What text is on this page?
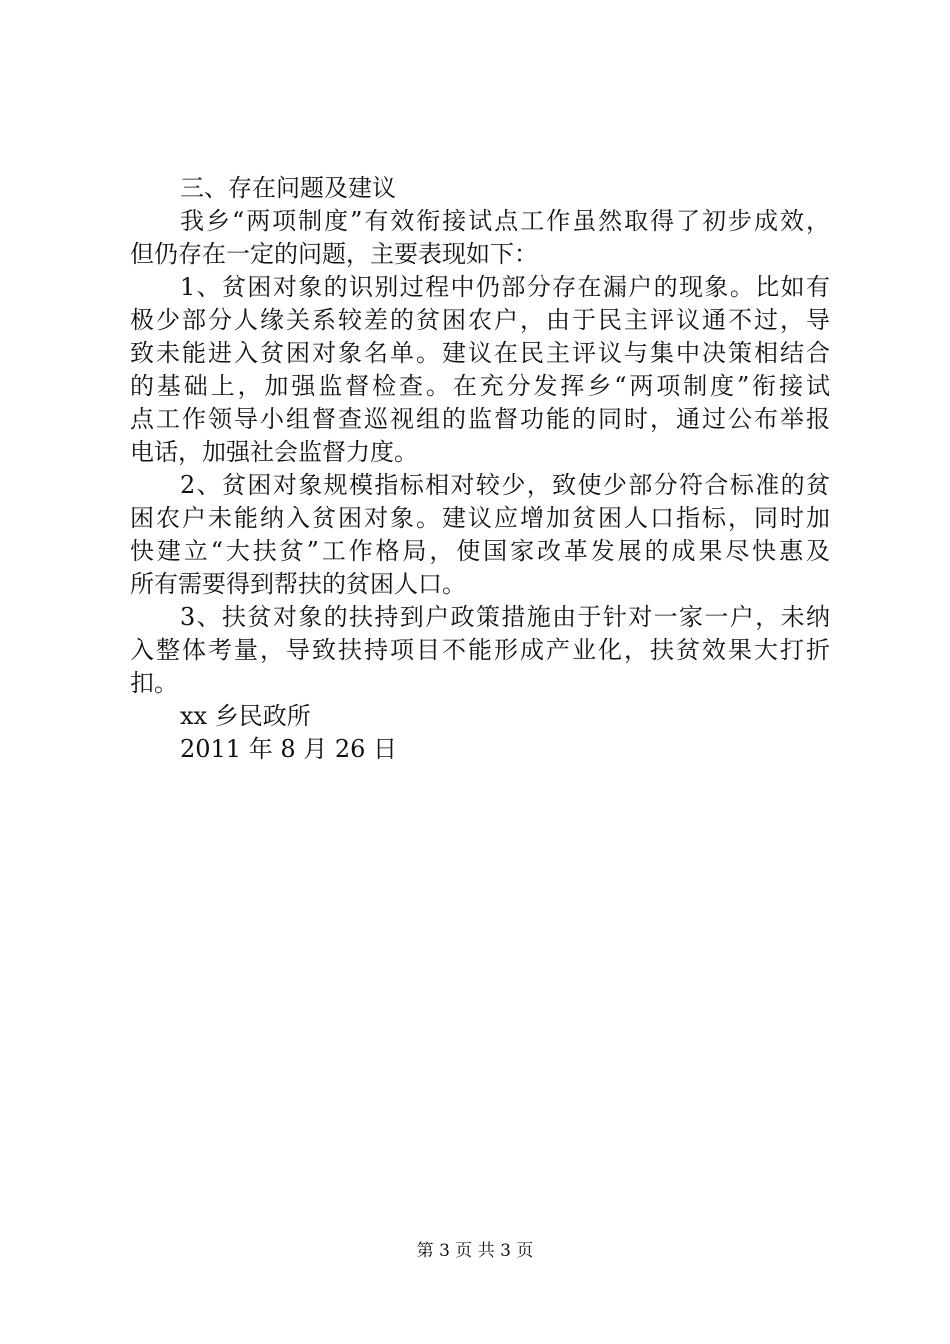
三、存在问题及建议
我乡“两项制度”有效衔接试点工作虽然取得了初步成效，
但仍存在一定的问题，主要表现如下：
1、贫困对象的识别过程中仍部分存在漏户的现象。比如有
极少部分人缘关系较差的贫困农户，由于民主评议通不过，导
致未能进入贫困对象名单。建议在民主评议与集中决策相结合
的基础上，加强监督检查。在充分发挥乡“两项制度”衔接试
点工作领导小组督查巡视组的监督功能的同时，通过公布举报
电话，加强社会监督力度。
2、贫困对象规模指标相对较少，致使少部分符合标准的贫
困农户未能纳入贫困对象。建议应增加贫困人口指标，同时加
快建立“大扶贫”工作格局，使国家改革发展的成果尽快惠及
所有需要得到帮扶的贫困人口。
3、扶贫对象的扶持到户政策措施由于针对一家一户，未纳
入整体考量，导致扶持项目不能形成产业化，扶贫效果大打折
扣。
xx 乡民政所
2011 年 8 月 26 日
第 3 页 共 3 页
